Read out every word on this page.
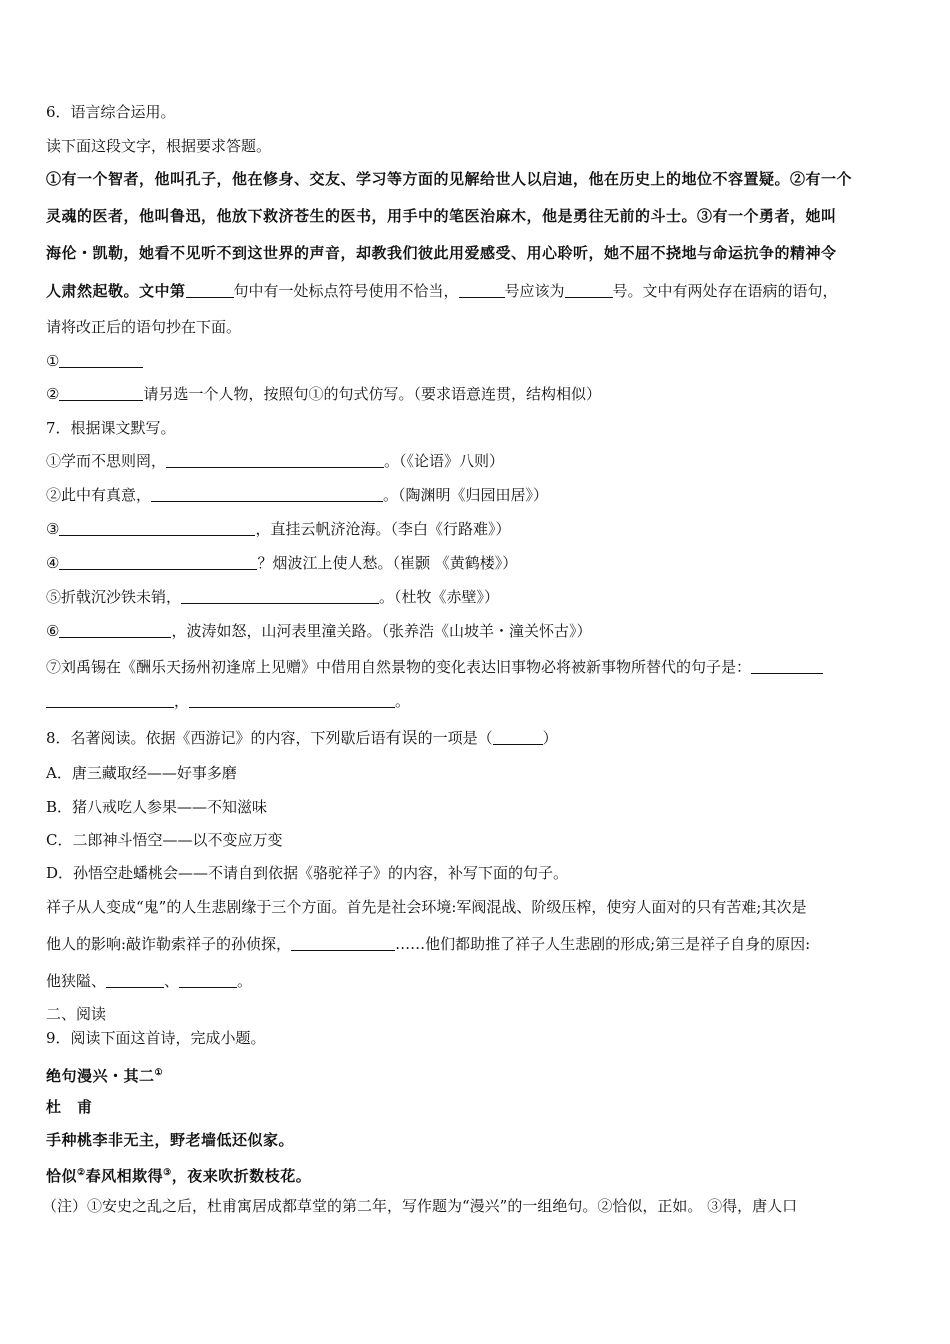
6．语言综合运用。
读下面这段文字，根据要求答题。
①有一个智者，他叫孔子，他在修身、交友、学习等方面的见解给世人以启迪，他在历史上的地位不容置疑。②有一个
灵魂的医者，他叫鲁迅，他放下救济苍生的医书，用手中的笔医治麻木，他是勇往无前的斗士。③有一个勇者，她叫
海伦・凯勒，她看不见听不到这世界的声音，却教我们彼此用爱感受、用心聆听，她不屈不挠地与命运抗争的精神令
人肃然起敬。文中第	句中有一处标点符号使用不恰当，	号应该为	号。文中有两处存在语病的语句，
请将改正后的语句抄在下面。
①
②	请另选一个人物，按照句①的句式仿写。（要求语意连贯，结构相似）
7．根据课文默写。
①学而不思则罔，	。（《论语》八则）
②此中有真意，	。（陶渊明《归园田居》）
③	，直挂云帆济沧海。（李白《行路难》）
④	？烟波江上使人愁。（崔颢 《黄鹤楼》）
⑤折戟沉沙铁未销，	。（杜牧《赤壁》）
⑥	，波涛如怒，山河表里潼关路。（张养浩《山坡羊・潼关怀古》）
⑦刘禹锡在《酬乐天扬州初逢席上见赠》中借用自然景物的变化表达旧事物必将被新事物所替代的句子是：
，	。
8．名著阅读。依据《西游记》的内容，下列歇后语有误的一项是（	）
A．唐三藏取经——好事多磨
B．猪八戒吃人参果——不知滋味
C．二郎神斗悟空——以不变应万变
D．孙悟空赴蟠桃会——不请自到依据《骆驼祥子》的内容，补写下面的句子。
祥子从人变成“鬼”的人生悲剧缘于三个方面。首先是社会环境:军阀混战、阶级压榨，使穷人面对的只有苦难;其次是
他人的影响:敲诈勒索祥子的孙侦探，	……他们都助推了祥子人生悲剧的形成;第三是祥子自身的原因:
他狭隘、	、	。
二、阅读
9．阅读下面这首诗，完成小题。
绝句漫兴・其二①
杜　甫
手种桃李非无主，野老墙低还似家。
恰似②春风相欺得③，夜来吹折数枝花。
（注）①安史之乱之后，杜甫寓居成都草堂的第二年，写作题为“漫兴”的一组绝句。②恰似，正如。 ③得，唐人口
